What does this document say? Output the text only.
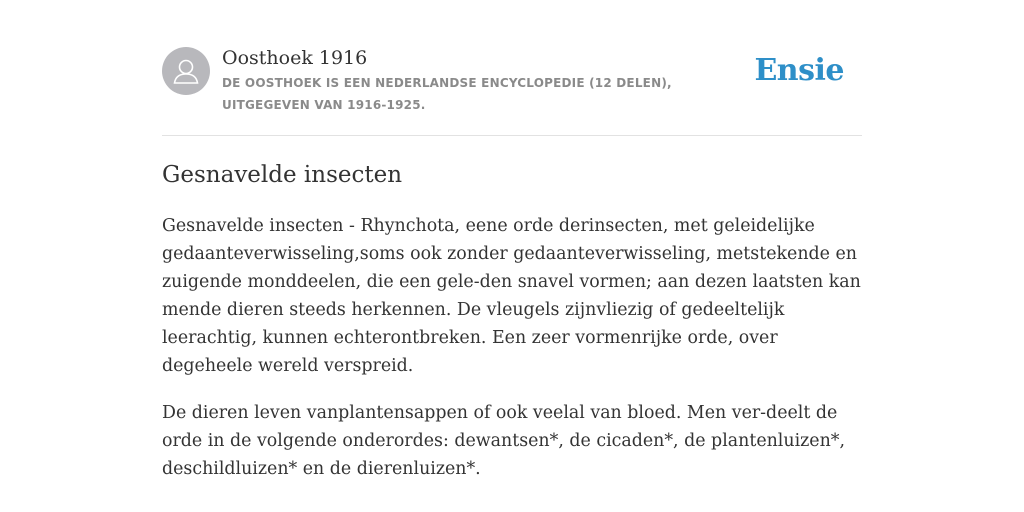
Oosthoek 1916
DE OOSTHOEK IS EEN NEDERLANDSE ENCYCLOPEDIE (12 DELEN), UITGEGEVEN VAN 1916-1925.
Ensie
Gesnavelde insecten

Gesnavelde insecten - Rhynchota, eene orde derinsecten, met geleidelijke gedaanteverwisseling,soms ook zonder gedaanteverwisseling, metstekende en zuigende monddeelen, die een gele-den snavel vormen; aan dezen laatsten kan mende dieren steeds herkennen. De vleugels zijnvliezig of gedeeltelijk leerachtig, kunnen echterontbreken. Een zeer vormenrijke orde, over degeheele wereld verspreid.

De dieren leven vanplantensappen of ook veelal van bloed. Men ver-deelt de orde in de volgende onderordes: dewantsen*, de cicaden*, de plantenluizen*, deschildluizen* en de dierenluizen*.
